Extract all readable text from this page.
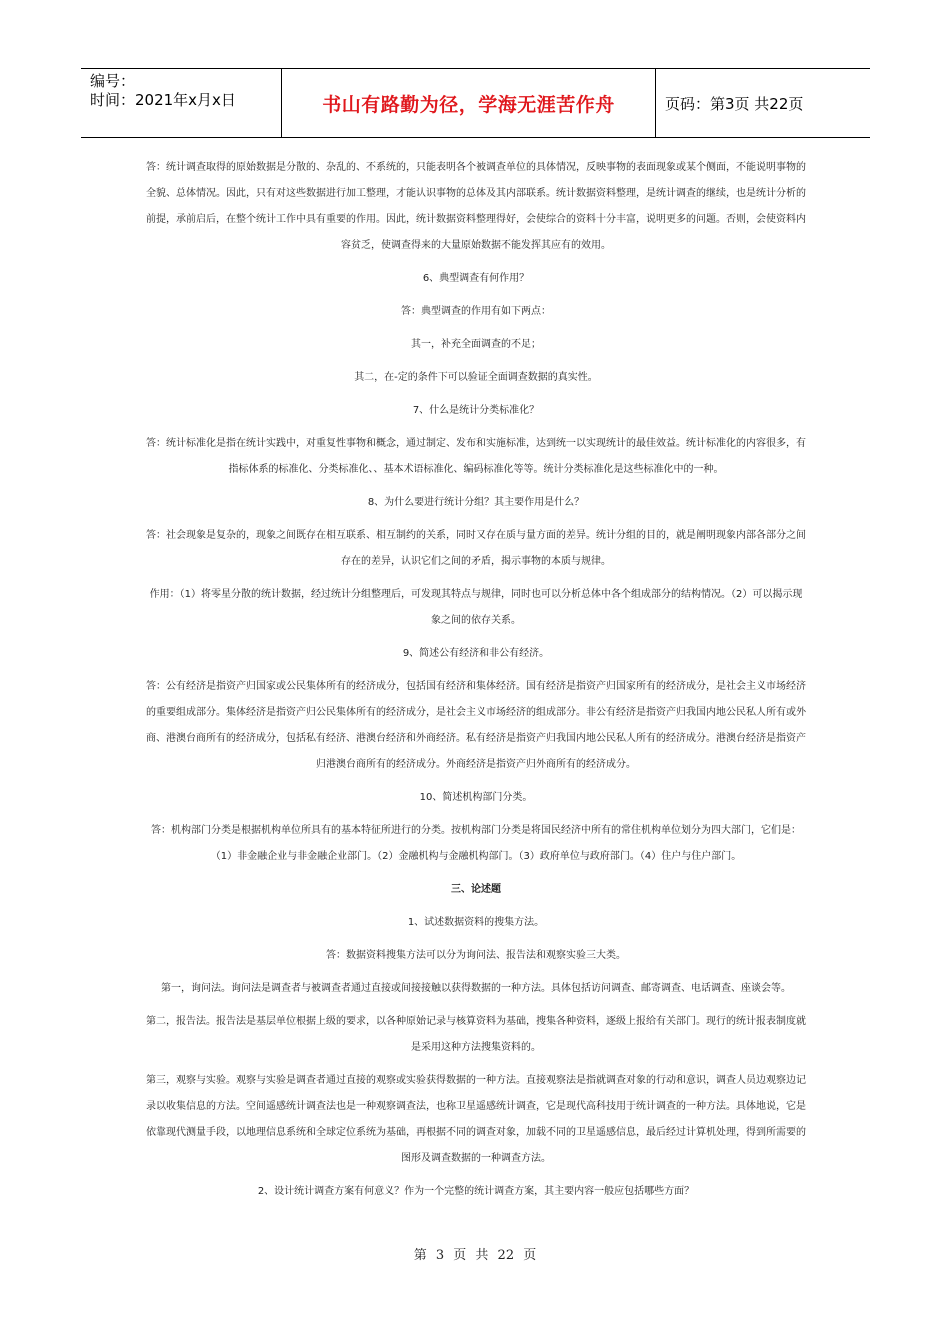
编号：
时间：2021年x月x日	书山有路勤为径，学海无涯苦作舟	页码：第3页 共22页

答：统计调查取得的原始数据是分散的、杂乱的、不系统的，只能表明各个被调查单位的具体情况，反映事物的表面现象或某个侧面，不能说明事物的全貌、总体情况。因此，只有对这些数据进行加工整理，才能认识事物的总体及其内部联系。统计数据资料整理，是统计调查的继续，也是统计分析的前提，承前启后，在整个统计工作中具有重要的作用。因此，统计数据资料整理得好，会使综合的资料十分丰富，说明更多的问题。否则，会使资料内容贫乏，使调查得来的大量原始数据不能发挥其应有的效用。

6、典型调查有何作用？

答：典型调查的作用有如下两点：

其一，补充全面调查的不足；

其二，在-定的条件下可以验证全面调查数据的真实性。

7、什么是统计分类标准化？

答：统计标准化是指在统计实践中，对重复性事物和概念，通过制定、发布和实施标准，达到统一以实现统计的最佳效益。统计标准化的内容很多，有指标体系的标准化、分类标准化、、基本术语标准化、编码标准化等等。统计分类标准化是这些标准化中的一种。

8、为什么要进行统计分组？其主要作用是什么？

答：社会现象是复杂的，现象之间既存在相互联系、相互制约的关系，同时又存在质与量方面的差异。统计分组的目的，就是阐明现象内部各部分之间存在的差异，认识它们之间的矛盾，揭示事物的本质与规律。

作用：（1）将零星分散的统计数据，经过统计分组整理后，可发现其特点与规律，同时也可以分析总体中各个组成部分的结构情况。（2）可以揭示现象之间的依存关系。

9、简述公有经济和非公有经济。

答：公有经济是指资产归国家或公民集体所有的经济成分，包括国有经济和集体经济。国有经济是指资产归国家所有的经济成分，是社会主义市场经济的重要组成部分。集体经济是指资产归公民集体所有的经济成分，是社会主义市场经济的组成部分。非公有经济是指资产归我国内地公民私人所有或外商、港澳台商所有的经济成分，包括私有经济、港澳台经济和外商经济。私有经济是指资产归我国内地公民私人所有的经济成分。港澳台经济是指资产归港澳台商所有的经济成分。外商经济是指资产归外商所有的经济成分。

10、简述机构部门分类。

答：机构部门分类是根据机构单位所具有的基本特征所进行的分类。按机构部门分类是将国民经济中所有的常住机构单位划分为四大部门，它们是：（1）非金融企业与非金融企业部门。（2）金融机构与金融机构部门。（3）政府单位与政府部门。（4）住户与住户部门。

三、论述题

1、试述数据资料的搜集方法。

答：数据资料搜集方法可以分为询问法、报告法和观察实验三大类。

第一，询问法。询问法是调查者与被调查者通过直接或间接接触以获得数据的一种方法。具体包括访问调查、邮寄调查、电话调查、座谈会等。

第二，报告法。报告法是基层单位根据上级的要求，以各种原始记录与核算资料为基础，搜集各种资料，逐级上报给有关部门。现行的统计报表制度就是采用这种方法搜集资料的。

第三，观察与实验。观察与实验是调查者通过直接的观察或实验获得数据的一种方法。直接观察法是指就调查对象的行动和意识，调查人员边观察边记录以收集信息的方法。空间遥感统计调查法也是一种观察调查法，也称卫星遥感统计调查，它是现代高科技用于统计调查的一种方法。具体地说，它是依靠现代测量手段，以地理信息系统和全球定位系统为基础，再根据不同的调查对象，加载不同的卫星遥感信息，最后经过计算机处理，得到所需要的图形及调查数据的一种调查方法。

2、设计统计调查方案有何意义？作为一个完整的统计调查方案，其主要内容一般应包括哪些方面？

第 3 页 共 22 页
